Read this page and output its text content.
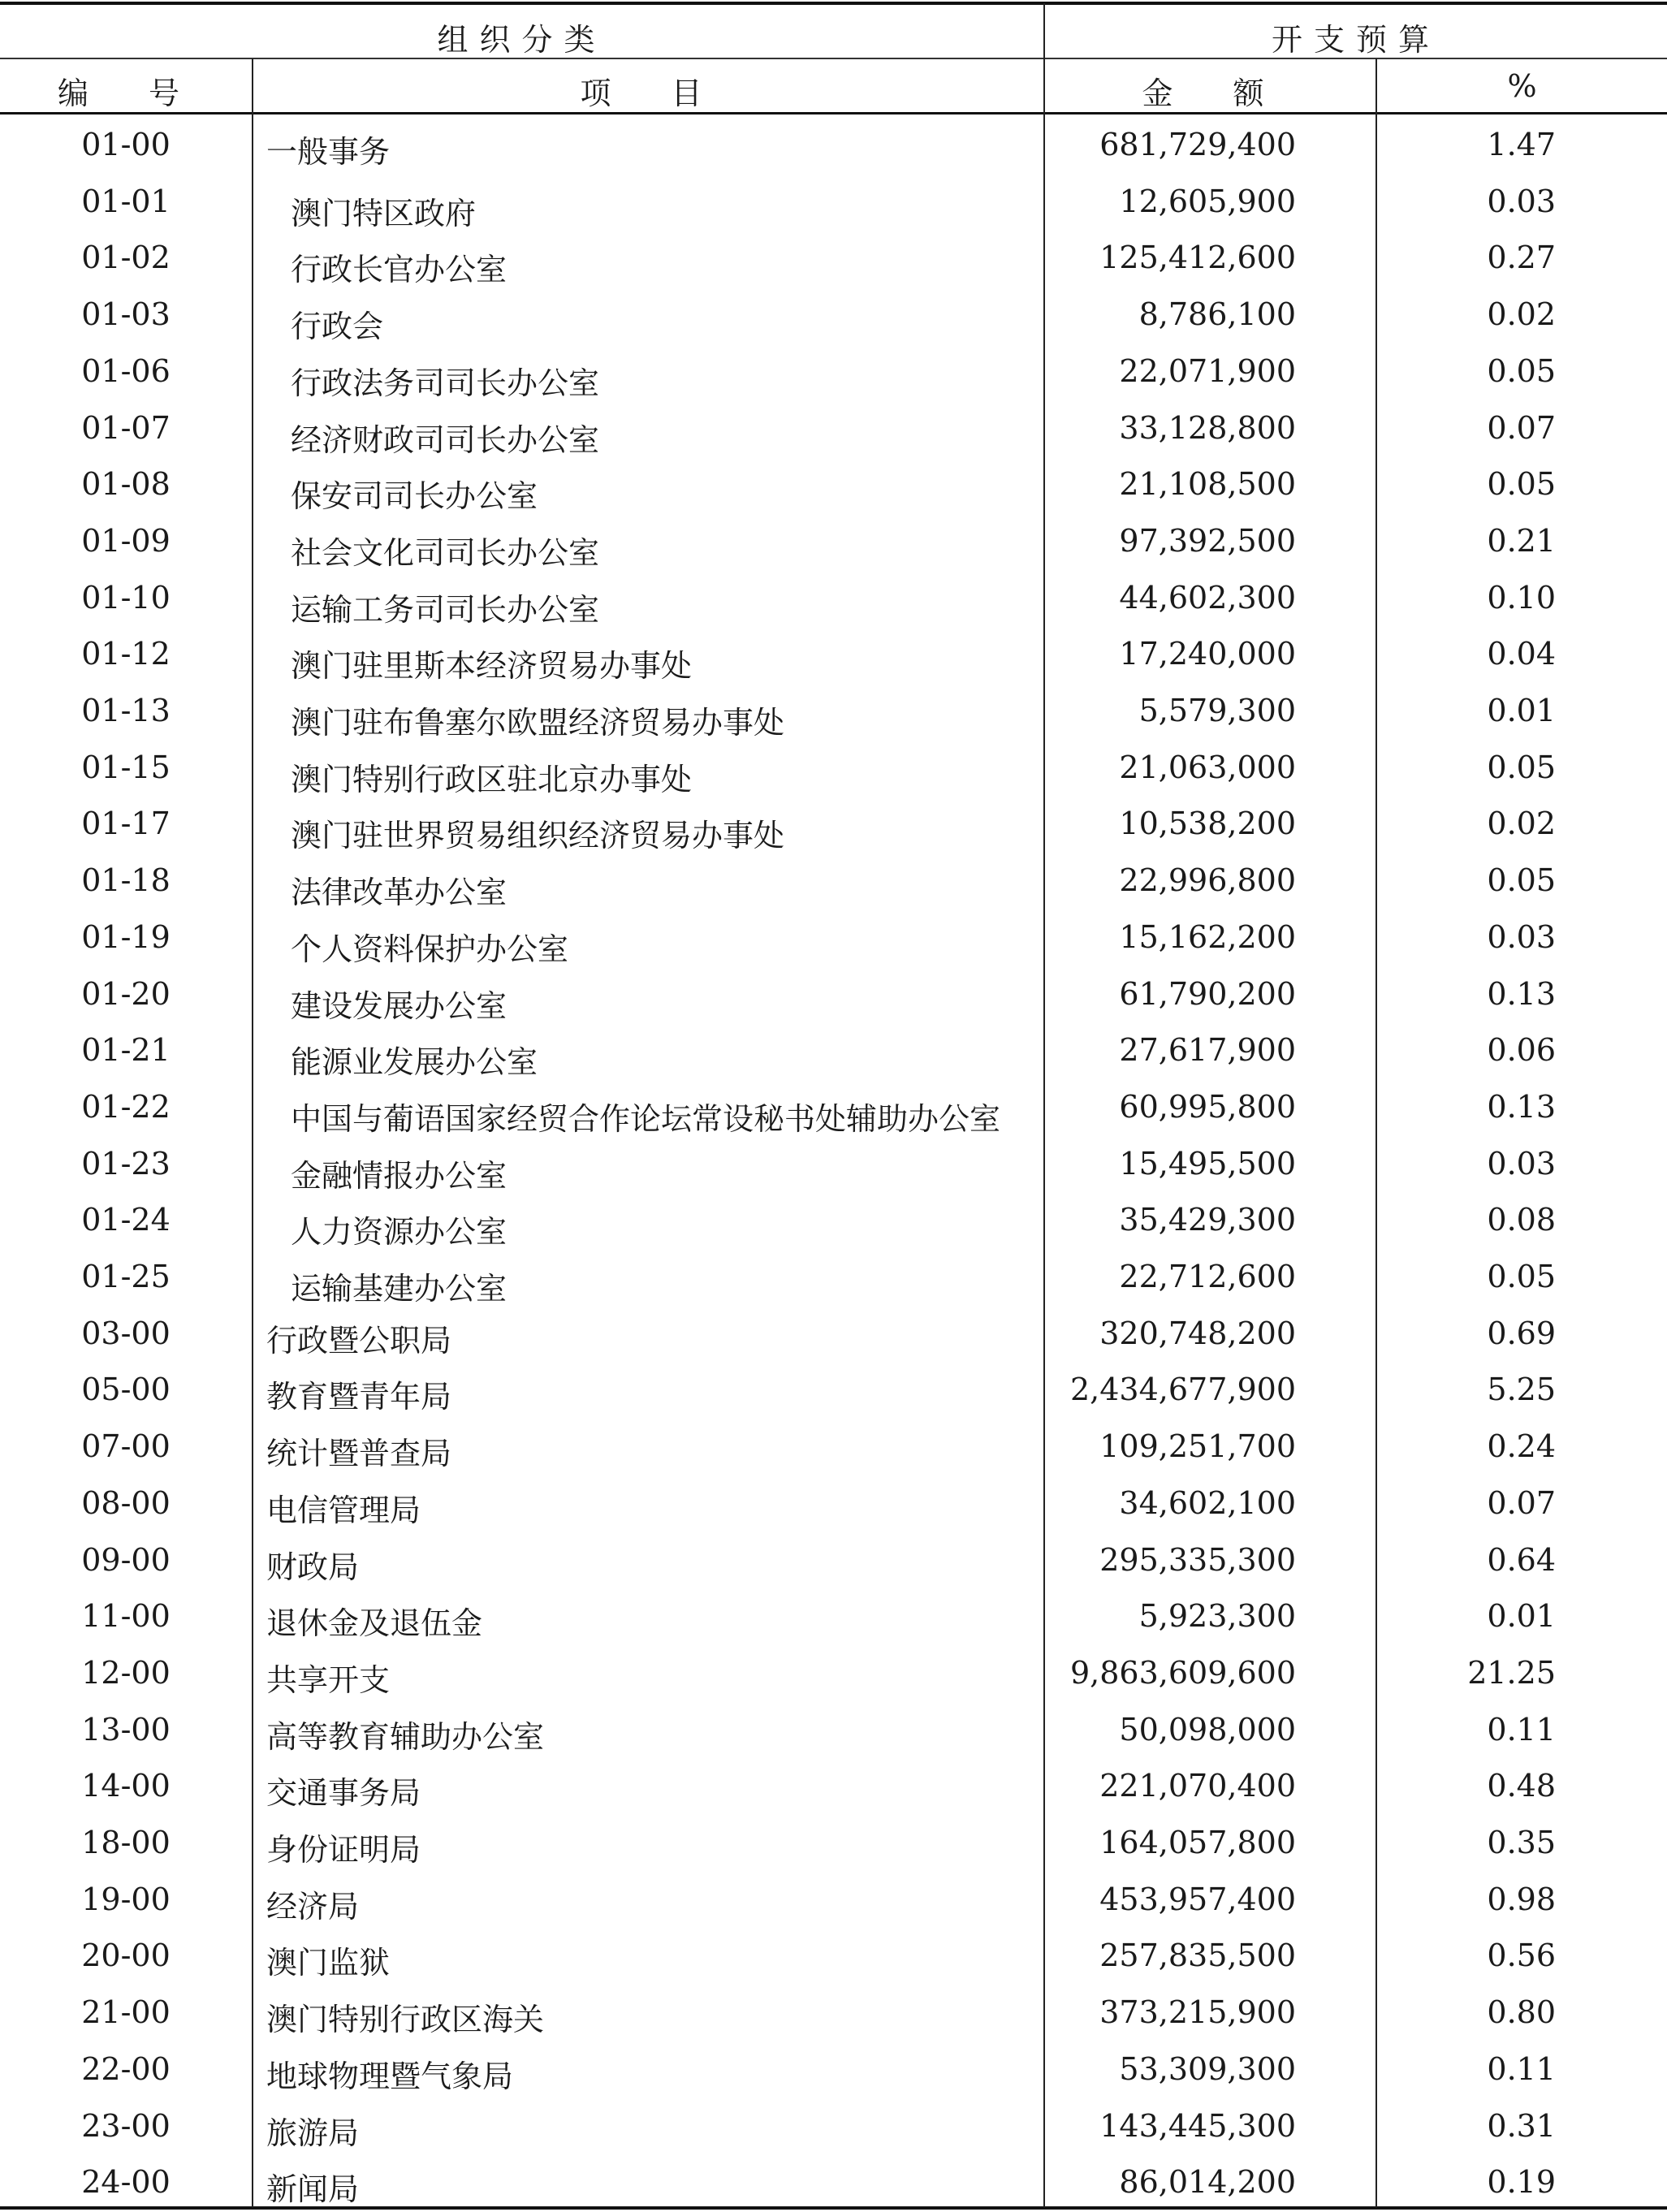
组织分类	开支预算
编　号	项　目	金　额	%
01-00	一般事务	681,729,400	1.47
01-01	澳门特区政府	12,605,900	0.03
01-02	行政长官办公室	125,412,600	0.27
01-03	行政会	8,786,100	0.02
01-06	行政法务司司长办公室	22,071,900	0.05
01-07	经济财政司司长办公室	33,128,800	0.07
01-08	保安司司长办公室	21,108,500	0.05
01-09	社会文化司司长办公室	97,392,500	0.21
01-10	运输工务司司长办公室	44,602,300	0.10
01-12	澳门驻里斯本经济贸易办事处	17,240,000	0.04
01-13	澳门驻布鲁塞尔欧盟经济贸易办事处	5,579,300	0.01
01-15	澳门特别行政区驻北京办事处	21,063,000	0.05
01-17	澳门驻世界贸易组织经济贸易办事处	10,538,200	0.02
01-18	法律改革办公室	22,996,800	0.05
01-19	个人资料保护办公室	15,162,200	0.03
01-20	建设发展办公室	61,790,200	0.13
01-21	能源业发展办公室	27,617,900	0.06
01-22	中国与葡语国家经贸合作论坛常设秘书处辅助办公室	60,995,800	0.13
01-23	金融情报办公室	15,495,500	0.03
01-24	人力资源办公室	35,429,300	0.08
01-25	运输基建办公室	22,712,600	0.05
03-00	行政暨公职局	320,748,200	0.69
05-00	教育暨青年局	2,434,677,900	5.25
07-00	统计暨普查局	109,251,700	0.24
08-00	电信管理局	34,602,100	0.07
09-00	财政局	295,335,300	0.64
11-00	退休金及退伍金	5,923,300	0.01
12-00	共享开支	9,863,609,600	21.25
13-00	高等教育辅助办公室	50,098,000	0.11
14-00	交通事务局	221,070,400	0.48
18-00	身份证明局	164,057,800	0.35
19-00	经济局	453,957,400	0.98
20-00	澳门监狱	257,835,500	0.56
21-00	澳门特别行政区海关	373,215,900	0.80
22-00	地球物理暨气象局	53,309,300	0.11
23-00	旅游局	143,445,300	0.31
24-00	新闻局	86,014,200	0.19
